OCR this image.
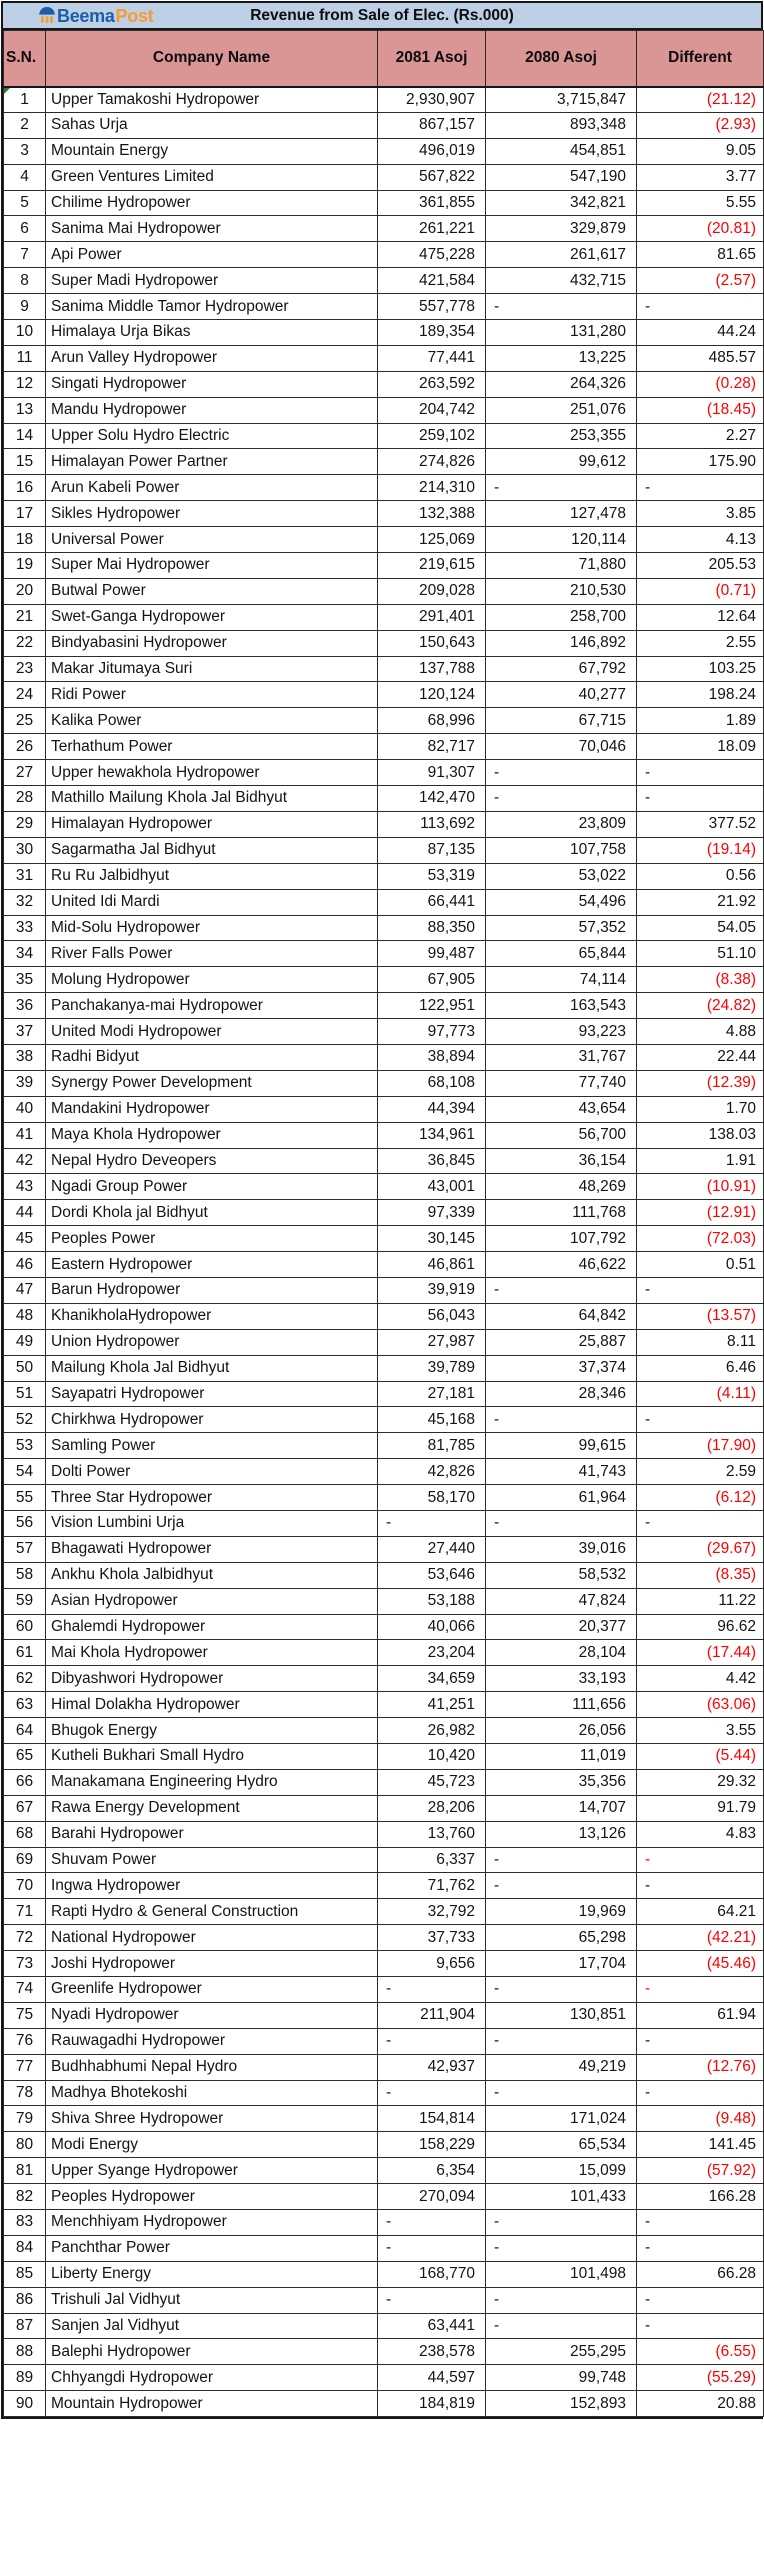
Beema Post	Revenue from Sale of Elec. (Rs.000)
S.N.	Company Name	2081 Asoj	2080 Asoj	Different
1	Upper Tamakoshi Hydropower	2,930,907	3,715,847	(21.12)
2	Sahas Urja	867,157	893,348	(2.93)
3	Mountain Energy	496,019	454,851	9.05
4	Green Ventures Limited	567,822	547,190	3.77
5	Chilime Hydropower	361,855	342,821	5.55
6	Sanima Mai Hydropower	261,221	329,879	(20.81)
7	Api Power	475,228	261,617	81.65
8	Super Madi Hydropower	421,584	432,715	(2.57)
9	Sanima Middle Tamor Hydropower	557,778	-	-
10	Himalaya Urja Bikas	189,354	131,280	44.24
11	Arun Valley Hydropower	77,441	13,225	485.57
12	Singati Hydropower	263,592	264,326	(0.28)
13	Mandu Hydropower	204,742	251,076	(18.45)
14	Upper Solu Hydro Electric	259,102	253,355	2.27
15	Himalayan Power Partner	274,826	99,612	175.90
16	Arun Kabeli Power	214,310	-	-
17	Sikles Hydropower	132,388	127,478	3.85
18	Universal Power	125,069	120,114	4.13
19	Super Mai Hydropower	219,615	71,880	205.53
20	Butwal Power	209,028	210,530	(0.71)
21	Swet-Ganga Hydropower	291,401	258,700	12.64
22	Bindyabasini Hydropower	150,643	146,892	2.55
23	Makar Jitumaya Suri	137,788	67,792	103.25
24	Ridi Power	120,124	40,277	198.24
25	Kalika Power	68,996	67,715	1.89
26	Terhathum Power	82,717	70,046	18.09
27	Upper hewakhola Hydropower	91,307	-	-
28	Mathillo Mailung Khola Jal Bidhyut	142,470	-	-
29	Himalayan Hydropower	113,692	23,809	377.52
30	Sagarmatha Jal Bidhyut	87,135	107,758	(19.14)
31	Ru Ru Jalbidhyut	53,319	53,022	0.56
32	United Idi Mardi	66,441	54,496	21.92
33	Mid-Solu Hydropower	88,350	57,352	54.05
34	River Falls Power	99,487	65,844	51.10
35	Molung Hydropower	67,905	74,114	(8.38)
36	Panchakanya-mai Hydropower	122,951	163,543	(24.82)
37	United Modi Hydropower	97,773	93,223	4.88
38	Radhi Bidyut	38,894	31,767	22.44
39	Synergy Power Development	68,108	77,740	(12.39)
40	Mandakini Hydropower	44,394	43,654	1.70
41	Maya Khola Hydropower	134,961	56,700	138.03
42	Nepal Hydro Deveopers	36,845	36,154	1.91
43	Ngadi Group Power	43,001	48,269	(10.91)
44	Dordi Khola jal Bidhyut	97,339	111,768	(12.91)
45	Peoples Power	30,145	107,792	(72.03)
46	Eastern Hydropower	46,861	46,622	0.51
47	Barun Hydropower	39,919	-	-
48	KhanikholaHydropower	56,043	64,842	(13.57)
49	Union Hydropower	27,987	25,887	8.11
50	Mailung Khola Jal Bidhyut	39,789	37,374	6.46
51	Sayapatri Hydropower	27,181	28,346	(4.11)
52	Chirkhwa Hydropower	45,168	-	-
53	Samling Power	81,785	99,615	(17.90)
54	Dolti Power	42,826	41,743	2.59
55	Three Star Hydropower	58,170	61,964	(6.12)
56	Vision Lumbini Urja	-	-	-
57	Bhagawati Hydropower	27,440	39,016	(29.67)
58	Ankhu Khola Jalbidhyut	53,646	58,532	(8.35)
59	Asian Hydropower	53,188	47,824	11.22
60	Ghalemdi Hydropower	40,066	20,377	96.62
61	Mai Khola Hydropower	23,204	28,104	(17.44)
62	Dibyashwori Hydropower	34,659	33,193	4.42
63	Himal Dolakha Hydropower	41,251	111,656	(63.06)
64	Bhugok Energy	26,982	26,056	3.55
65	Kutheli Bukhari Small Hydro	10,420	11,019	(5.44)
66	Manakamana Engineering Hydro	45,723	35,356	29.32
67	Rawa Energy Development	28,206	14,707	91.79
68	Barahi Hydropower	13,760	13,126	4.83
69	Shuvam Power	6,337	-	-
70	Ingwa Hydropower	71,762	-	-
71	Rapti Hydro & General Construction	32,792	19,969	64.21
72	National Hydropower	37,733	65,298	(42.21)
73	Joshi Hydropower	9,656	17,704	(45.46)
74	Greenlife Hydropower	-	-	-
75	Nyadi Hydropower	211,904	130,851	61.94
76	Rauwagadhi Hydropower	-	-	-
77	Budhhabhumi Nepal Hydro	42,937	49,219	(12.76)
78	Madhya Bhotekoshi	-	-	-
79	Shiva Shree Hydropower	154,814	171,024	(9.48)
80	Modi Energy	158,229	65,534	141.45
81	Upper Syange Hydropower	6,354	15,099	(57.92)
82	Peoples Hydropower	270,094	101,433	166.28
83	Menchhiyam Hydropower	-	-	-
84	Panchthar Power	-	-	-
85	Liberty Energy	168,770	101,498	66.28
86	Trishuli Jal Vidhyut	-	-	-
87	Sanjen Jal Vidhyut	63,441	-	-
88	Balephi Hydropower	238,578	255,295	(6.55)
89	Chhyangdi Hydropower	44,597	99,748	(55.29)
90	Mountain Hydropower	184,819	152,893	20.88
